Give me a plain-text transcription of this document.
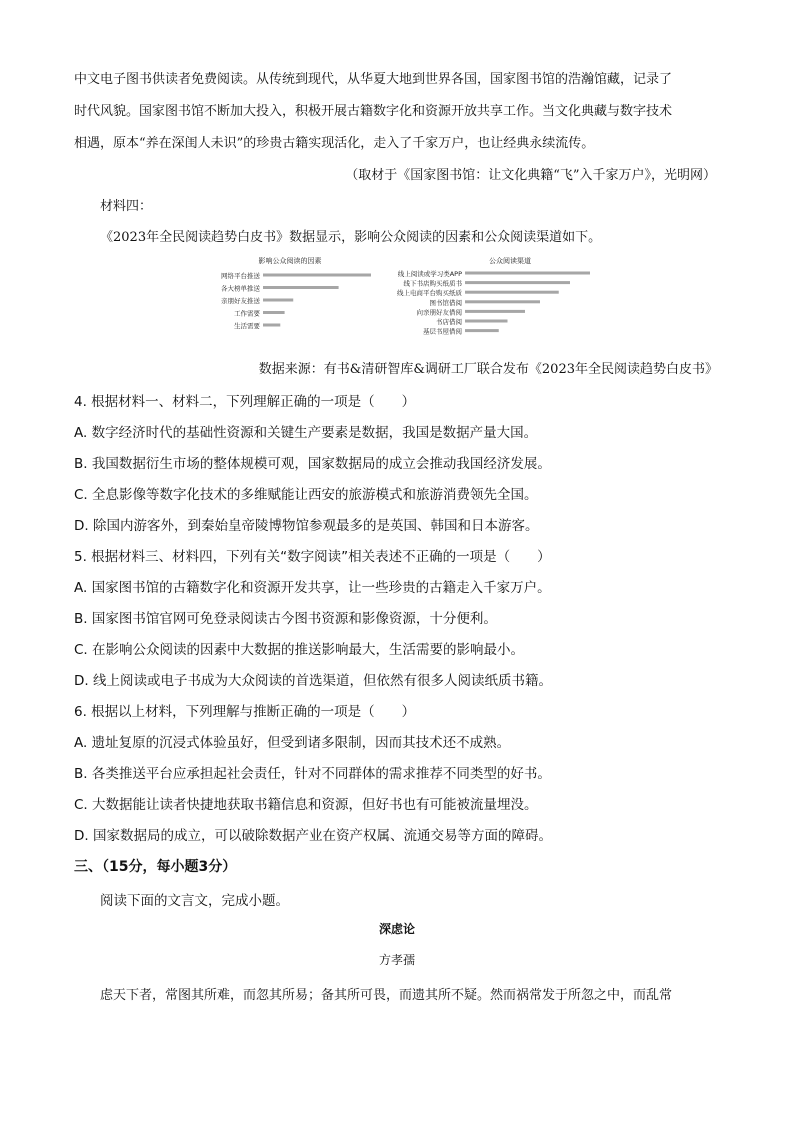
中文电子图书供读者免费阅读。从传统到现代，从华夏大地到世界各国，国家图书馆的浩瀚馆藏，记录了
时代风貌。国家图书馆不断加大投入，积极开展古籍数字化和资源开放共享工作。当文化典藏与数字技术
相遇，原本“养在深闺人未识”的珍贵古籍实现活化，走入了千家万户，也让经典永续流传。
（取材于《国家图书馆：让文化典籍“飞”入千家万户》，光明网）
材料四：
《2023年全民阅读趋势白皮书》数据显示，影响公众阅读的因素和公众阅读渠道如下。
影响公众阅读的因素
网络平台推送
各大榜单推送
亲朋好友推送
工作需要
生活需要
公众阅读渠道
线上阅读或学习类APP
线下书店购买纸质书
线上电商平台购买纸质
图书馆借阅
向亲朋好友借阅
书店借阅
基层书屋借阅
数据来源：有书&清研智库&调研工厂联合发布《2023年全民阅读趋势白皮书》
4. 根据材料一、材料二，下列理解正确的一项是（　　）
A. 数字经济时代的基础性资源和关键生产要素是数据，我国是数据产量大国。
B. 我国数据衍生市场的整体规模可观，国家数据局的成立会推动我国经济发展。
C. 全息影像等数字化技术的多维赋能让西安的旅游模式和旅游消费领先全国。
D. 除国内游客外，到秦始皇帝陵博物馆参观最多的是英国、韩国和日本游客。
5. 根据材料三、材料四，下列有关“数字阅读”相关表述不正确的一项是（　　）
A. 国家图书馆的古籍数字化和资源开发共享，让一些珍贵的古籍走入千家万户。
B. 国家图书馆官网可免登录阅读古今图书资源和影像资源，十分便利。
C. 在影响公众阅读的因素中大数据的推送影响最大，生活需要的影响最小。
D. 线上阅读或电子书成为大众阅读的首选渠道，但依然有很多人阅读纸质书籍。
6. 根据以上材料，下列理解与推断正确的一项是（　　）
A. 遗址复原的沉浸式体验虽好，但受到诸多限制，因而其技术还不成熟。
B. 各类推送平台应承担起社会责任，针对不同群体的需求推荐不同类型的好书。
C. 大数据能让读者快捷地获取书籍信息和资源，但好书也有可能被流量埋没。
D. 国家数据局的成立，可以破除数据产业在资产权属、流通交易等方面的障碍。
三、（15分，每小题3分）
阅读下面的文言文，完成小题。
深虑论
方孝孺
虑天下者，常图其所难，而忽其所易；备其所可畏，而遗其所不疑。然而祸常发于所忽之中，而乱常
